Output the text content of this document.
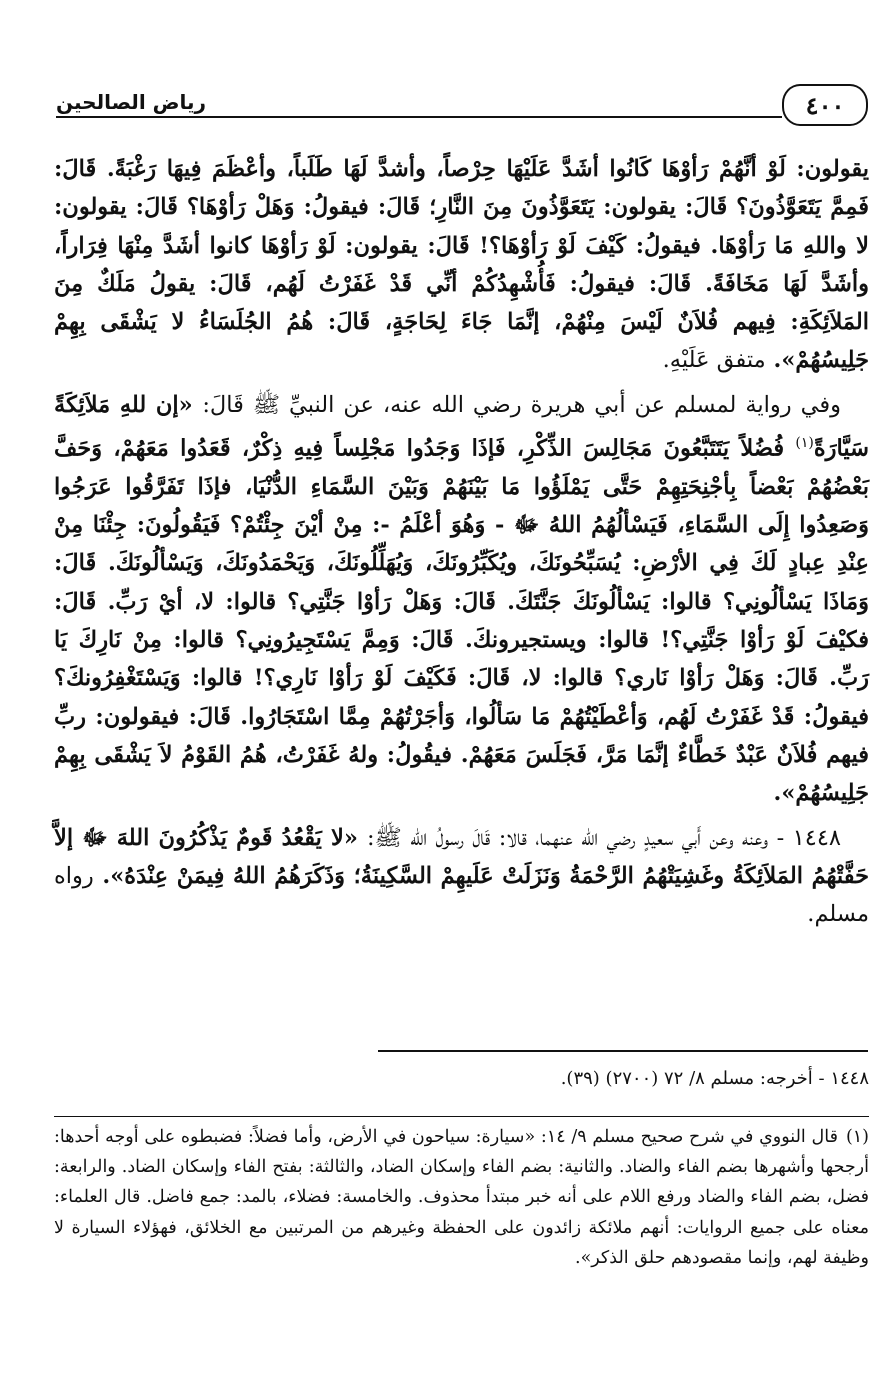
٤٠٠
رياض الصالحين

يقولون: لَوْ أنَّهُمْ رَأوْهَا كَانُوا أشَدَّ عَلَيْهَا حِرْصاً، وأشدَّ لَهَا طَلَباً، وأعْظَمَ فِيهَا رَغْبَةً. قَالَ: فَمِمَّ يَتَعَوَّذُونَ؟ قَالَ: يقولون: يَتَعَوَّذُونَ مِنَ النَّارِ؛ قَالَ: فيقولُ: وَهَلْ رَأوْهَا؟ قَالَ: يقولون: لا واللهِ مَا رَأوْهَا. فيقولُ: كَيْفَ لَوْ رَأوْهَا؟! قَالَ: يقولون: لَوْ رَأوْهَا كانوا أشَدَّ مِنْهَا فِرَاراً، وأشَدَّ لَهَا مَخَافَةً. قَالَ: فيقولُ: فَأُشْهِدُكُمْ أنِّي قَدْ غَفَرْتُ لَهُم، قَالَ: يقولُ مَلَكٌ مِنَ المَلاَئِكَةِ: فِيهم فُلاَنٌ لَيْسَ مِنْهُمْ، إنَّمَا جَاءَ لِحَاجَةٍ، قَالَ: هُمُ الجُلَسَاءُ لا يَشْقَى بِهِمْ جَلِيسُهُمْ». متفق عَلَيْهِ.

وفي رواية لمسلم عن أبي هريرة رضي الله عنه، عن النبيِّ ﷺ قَالَ: «إن للهِ مَلاَئِكَةً سَيَّارَةً$^{(١)}$ فُضُلاً يَتَتَبَّعُونَ مَجَالِسَ الذِّكْرِ، فَإذَا وَجَدُوا مَجْلِساً فِيهِ ذِكْرٌ، قَعَدُوا مَعَهُمْ، وَحَفَّ بَعْضُهُمْ بَعْضاً بِأجْنِحَتِهِمْ حَتَّى يَمْلَؤُوا مَا بَيْنَهُمْ وَبَيْنَ السَّمَاءِ الدُّنْيَا، فإذَا تَفَرَّقُوا عَرَجُوا وَصَعِدُوا إِلَى السَّمَاءِ، فَيَسْألُهُمُ اللهُ ﷻ - وَهُوَ أعْلَمُ -: مِنْ أيْنَ جِئْتُمْ؟ فَيَقُولُونَ: جِئْنَا مِنْ عِنْدِ عِبادٍ لَكَ فِي الأرْضِ: يُسَبِّحُونَكَ، ويُكَبِّرُونَكَ، وَيُهَلِّلُونَكَ، وَيَحْمَدُونَكَ، وَيَسْألُونَكَ. قَالَ: وَمَاذَا يَسْألُونِي؟ قالوا: يَسْألُونَكَ جَنَّتَكَ. قَالَ: وَهَلْ رَأوْا جَنَّتِي؟ قالوا: لا، أيْ رَبِّ. قَالَ: فكيْفَ لَوْ رَأوْا جَنَّتِي؟! قالوا: ويستجيرونكَ. قَالَ: وَمِمَّ يَسْتَجِيرُونِي؟ قالوا: مِنْ نَارِكَ يَا رَبِّ. قَالَ: وَهَلْ رَأوْا نَاري؟ قالوا: لا، قَالَ: فَكَيْفَ لَوْ رَأوْا نَارِي؟! قالوا: وَيَسْتَغْفِرُونكَ؟ فيقولُ: قَدْ غَفَرْتُ لَهُم، وَأعْطَيْتُهُمْ مَا سَألُوا، وَأجَرْتُهُمْ مِمَّا اسْتَجَارُوا. قَالَ: فيقولون: ربِّ فيهم فُلاَنٌ عَبْدٌ خَطَّاءٌ إنَّمَا مَرَّ، فَجَلَسَ مَعَهُمْ. فيقُولُ: ولهُ غَفَرْتُ، هُمُ القَوْمُ لاَ يَشْقَى بِهِمْ جَلِيسُهُمْ».

١٤٤٨ - وعنه وعن أَبي سعيدٍ رضي الله عنهما، قالا: قَالَ رسولُ الله ﷺ: «لا يَقْعُدُ قَومٌ يَذْكُرُونَ اللهَ ﷻ إلاَّ حَفَّتْهُمُ المَلاَئِكَةُ وغَشِيَتْهُمُ الرَّحْمَةُ وَنَزَلَتْ عَلَيهِمْ السَّكِينَةُ؛ وَذَكَرَهُمُ اللهُ فِيمَنْ عِنْدَهُ». رواه مسلم.

١٤٤٨ - أخرجه: مسلم ٨/ ٧٢ (٢٧٠٠) (٣٩).
(١)قال النووي في شرح صحيح مسلم ٩/ ١٤: «سيارة: سياحون في الأرض، وأما فضلاً: فضبطوه على أوجه أحدها: أرجحها وأشهرها بضم الفاء والضاد. والثانية: بضم الفاء وإسكان الضاد، والثالثة: بفتح الفاء وإسكان الضاد. والرابعة: فضل، بضم الفاء والضاد ورفع اللام على أنه خبر مبتدأ محذوف. والخامسة: فضلاء، بالمد: جمع فاضل. قال العلماء: معناه على جميع الروايات: أنهم ملائكة زائدون على الحفظة وغيرهم من المرتبين مع الخلائق، فهؤلاء السيارة لا وظيفة لهم، وإنما مقصودهم حلق الذكر».
